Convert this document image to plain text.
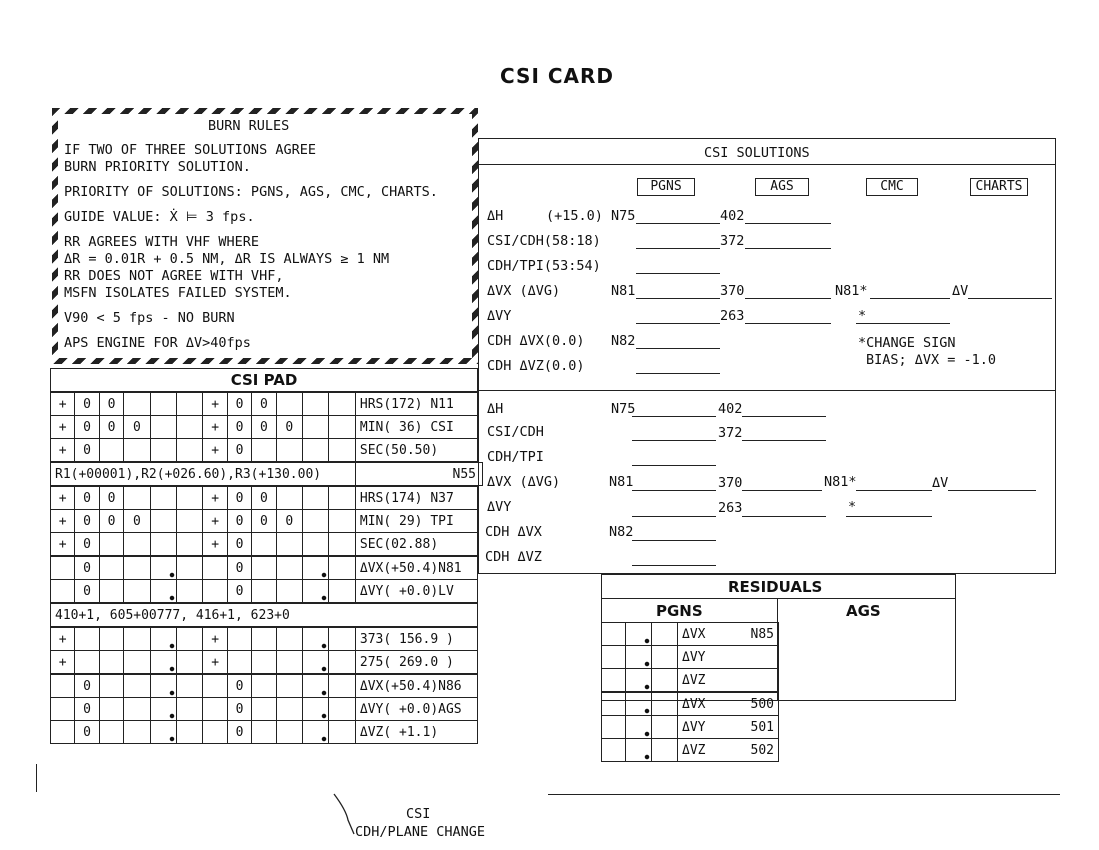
CSI CARD
BURN RULES
IF TWO OF THREE SOLUTIONS AGREE
BURN PRIORITY SOLUTION.
PRIORITY OF SOLUTIONS: PGNS, AGS, CMC, CHARTS.
GUIDE VALUE: Ẋ ⊨ 3 fps.
RR AGREES WITH VHF WHERE
ΔR = 0.01R + 0.5 NM, ΔR IS ALWAYS ≥ 1 NM
RR DOES NOT AGREE WITH VHF,
MSFN ISOLATES FAILED SYSTEM.
V90 < 5 fps - NO BURN
APS ENGINE FOR ΔV>40fps
CSI PAD
+	0	0				+	0	0				HRS(172) N11
+	0	0	0			+	0	0	0			MIN( 36) CSI
+	0					+	0					SEC(50.50)
R1(+00001),R2(+026.60),R3(+130.00)	N55
+	0	0				+	0	0				HRS(174) N37
+	0	0	0			+	0	0	0			MIN( 29) TPI
+	0					+	0					SEC(02.88)
	0						0					ΔVX(+50.4)N81
	0						0					ΔVY( +0.0)LV
410+1, 605+00777, 416+1, 623+0
+						+						373( 156.9 )
+						+						275( 269.0 )
	0						0					ΔVX(+50.4)N86
	0						0					ΔVY( +0.0)AGS
	0						0					ΔVZ( +1.1)
CSI SOLUTIONS
PGNS	AGS	CMC	CHARTS
ΔH	(+15.0) N75	402
CSI/CDH(58:18)	372
CDH/TPI(53:54)
ΔVX (ΔVG)	N81	370	N81*	ΔV
ΔVY	263	*
CDH ΔVX(0.0) N82	*CHANGE SIGN
BIAS; ΔVX = -1.0
CDH ΔVZ(0.0)
ΔH	N75	402
CSI/CDH	372
CDH/TPI
ΔVX (ΔVG)	N81	370	N81*	ΔV
ΔVY	263	*
CDH ΔVX	N82
CDH ΔVZ
RESIDUALS
PGNS	AGS
			ΔVX N85

			ΔVY

			ΔVZ
			ΔVX 500

			ΔVY 501

			ΔVZ 502
CSI
CDH/PLANE CHANGE
